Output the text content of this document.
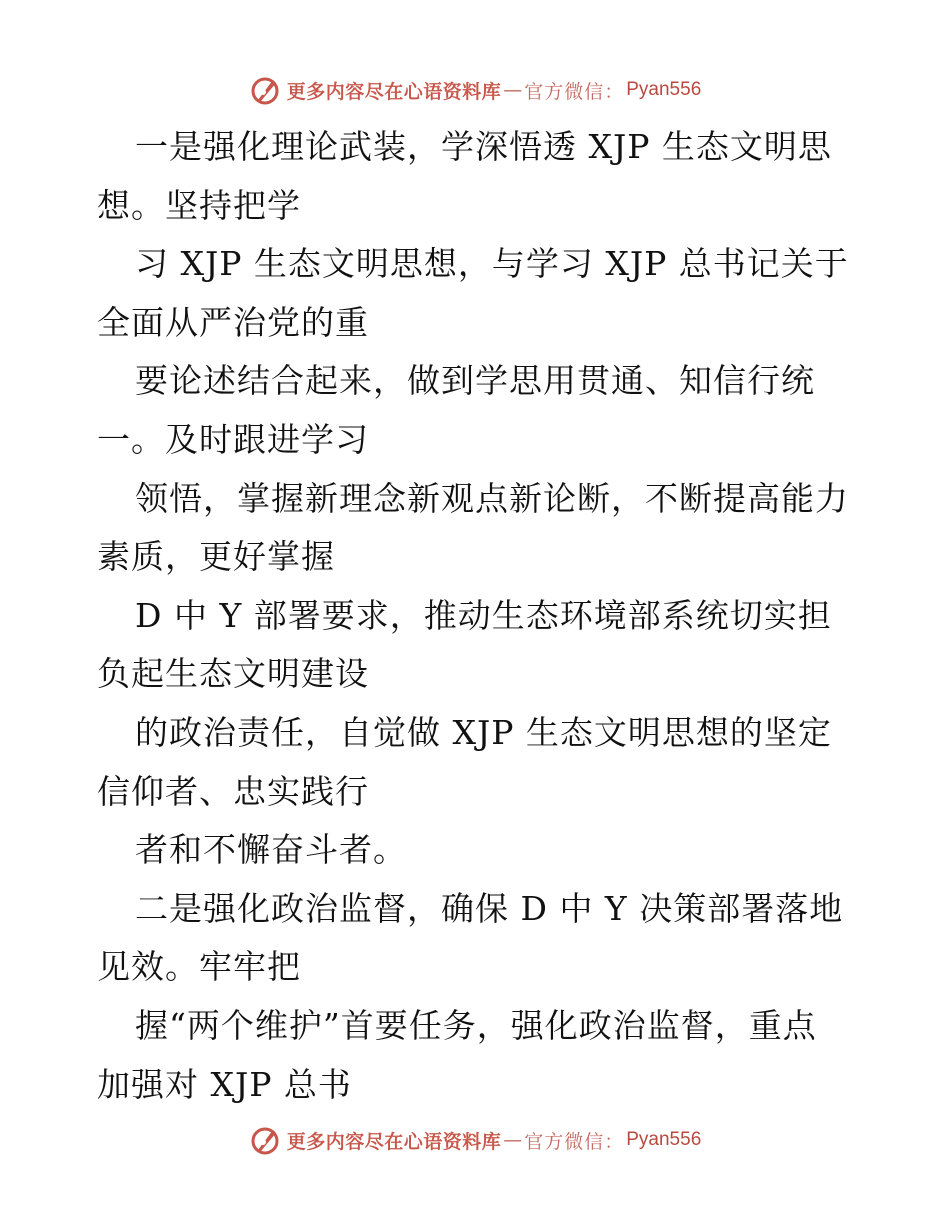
更多内容尽在心语资料库 — 官方微信： Pyan556
一是强化理论武装，学深悟透 XJP 生态文明思
想。坚持把学
习 XJP 生态文明思想，与学习 XJP 总书记关于
全面从严治党的重
要论述结合起来，做到学思用贯通、知信行统
一。及时跟进学习
领悟，掌握新理念新观点新论断，不断提高能力
素质，更好掌握
D 中 Y 部署要求，推动生态环境部系统切实担
负起生态文明建设
的政治责任，自觉做 XJP 生态文明思想的坚定
信仰者、忠实践行
者和不懈奋斗者。
二是强化政治监督，确保 D 中 Y 决策部署落地
见效。牢牢把
握“两个维护”首要任务，强化政治监督，重点
加强对 XJP 总书
更多内容尽在心语资料库 — 官方微信： Pyan556
